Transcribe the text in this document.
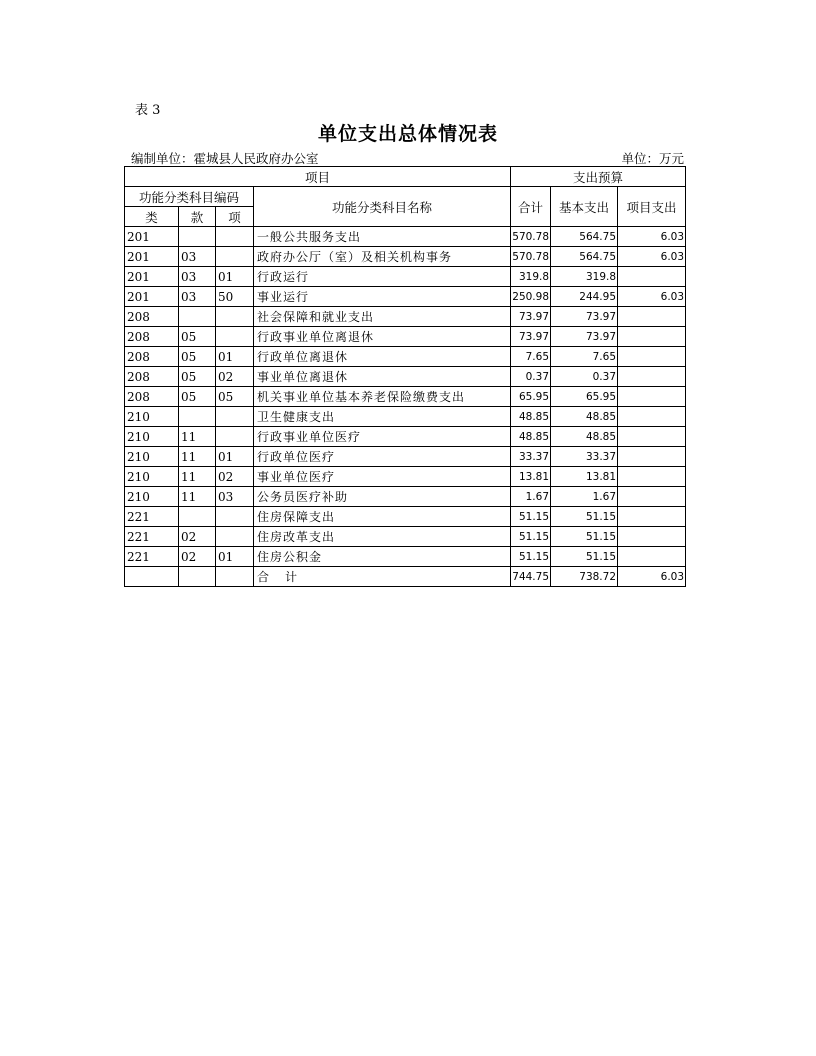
表 3
单位支出总体情况表
编制单位：霍城县人民政府办公室	单位：万元
项目				支出预算		
功能分类科目编码			功能分类科目名称	合计	基本支出	项目支出
类	款	项				
201			一般公共服务支出	570.78	564.75	6.03
201	03		政府办公厅（室）及相关机构事务	570.78	564.75	6.03
201	03	01	行政运行	319.8	319.8	
201	03	50	事业运行	250.98	244.95	6.03
208			社会保障和就业支出	73.97	73.97	
208	05		行政事业单位离退休	73.97	73.97	
208	05	01	行政单位离退休	7.65	7.65	
208	05	02	事业单位离退休	0.37	0.37	
208	05	05	机关事业单位基本养老保险缴费支出	65.95	65.95	
210			卫生健康支出	48.85	48.85	
210	11		行政事业单位医疗	48.85	48.85	
210	11	01	行政单位医疗	33.37	33.37	
210	11	02	事业单位医疗	13.81	13.81	
210	11	03	公务员医疗补助	1.67	1.67	
221			住房保障支出	51.15	51.15	
221	02		住房改革支出	51.15	51.15	
221	02	01	住房公积金	51.15	51.15	
			合计	744.75	738.72	6.03
